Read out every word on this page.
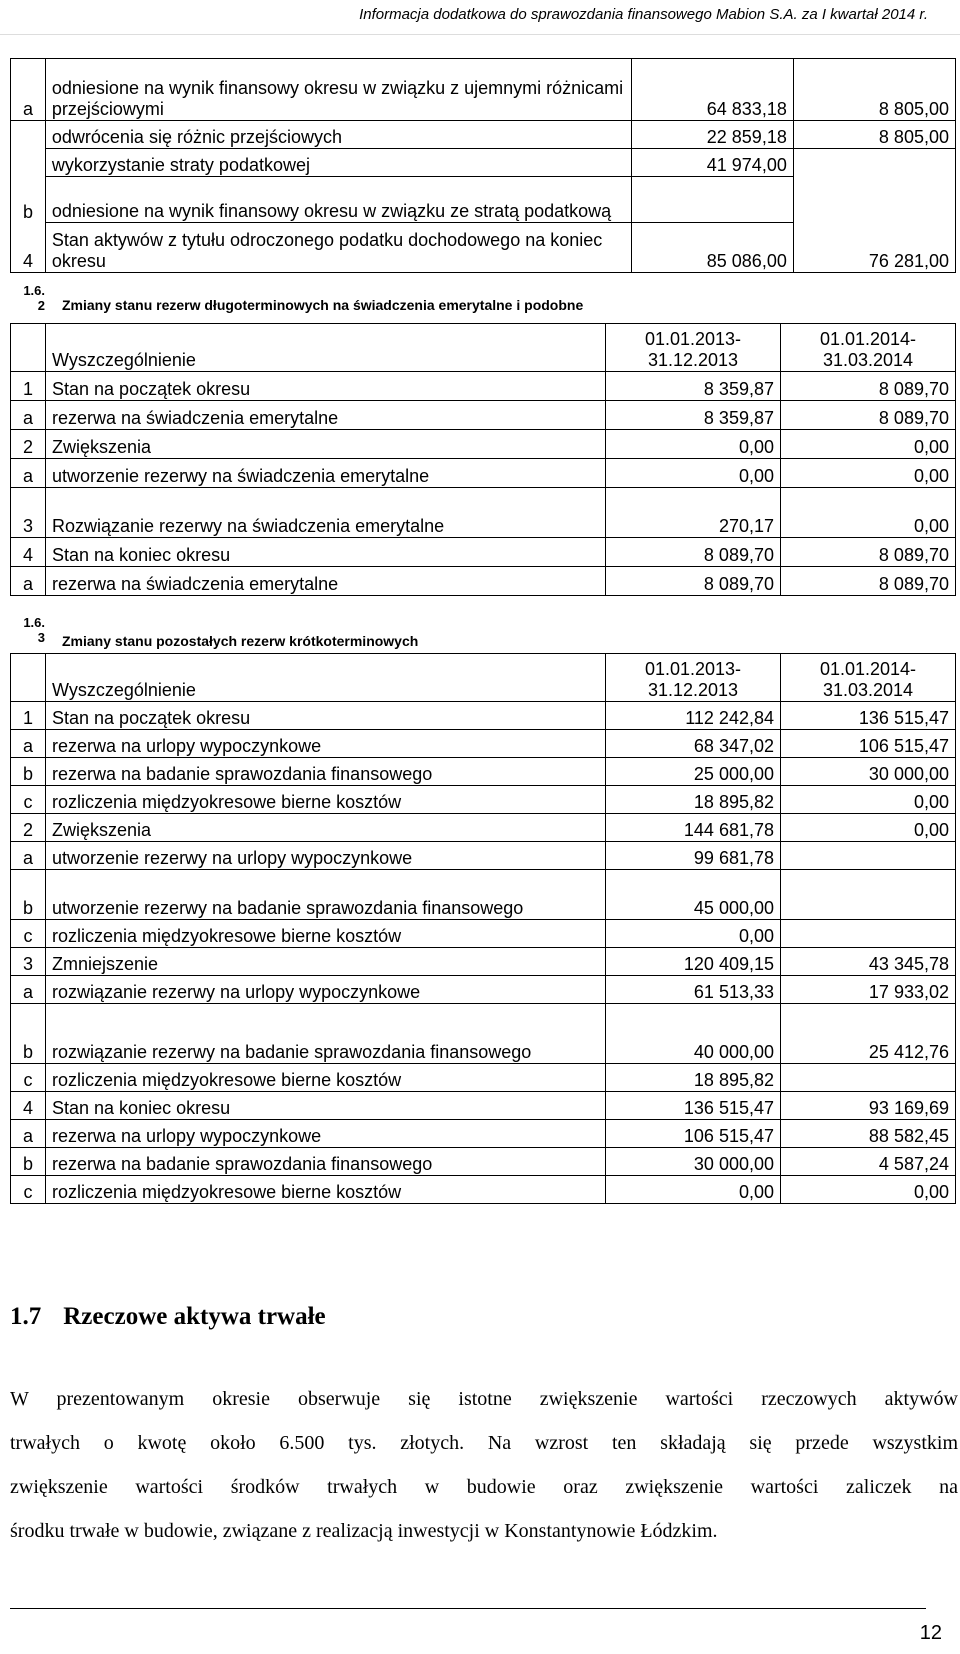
Informacja dodatkowa do sprawozdania finansowego Mabion S.A. za I kwartał 2014 r.
a	odniesione na wynik finansowy okresu w związku z ujemnymi różnicami przejściowymi	64 833,18	8 805,00
	odwrócenia się różnic przejściowych	22 859,18	8 805,00
	wykorzystanie straty podatkowej	41 974,00	
b	odniesione na wynik finansowy okresu w związku ze stratą podatkową		
4	Stan aktywów z tytułu odroczonego podatku dochodowego na koniec okresu	85 086,00	76 281,00
1.6.
2 Zmiany stanu rezerw długoterminowych na świadczenia emerytalne i podobne
	Wyszczególnienie	01.01.2013-31.12.2013	01.01.2014-31.03.2014
1	Stan na początek okresu	8 359,87	8 089,70
a	rezerwa na świadczenia emerytalne	8 359,87	8 089,70
2	Zwiększenia	0,00	0,00
a	utworzenie rezerwy na świadczenia emerytalne	0,00	0,00
3	Rozwiązanie rezerwy na świadczenia emerytalne	270,17	0,00
4	Stan na koniec okresu	8 089,70	8 089,70
a	rezerwa na świadczenia emerytalne	8 089,70	8 089,70
1.6.
3 Zmiany stanu pozostałych rezerw krótkoterminowych
	Wyszczególnienie	01.01.2013-31.12.2013	01.01.2014-31.03.2014
1	Stan na początek okresu	112 242,84	136 515,47
a	rezerwa na urlopy wypoczynkowe	68 347,02	106 515,47
b	rezerwa na badanie sprawozdania finansowego	25 000,00	30 000,00
c	rozliczenia międzyokresowe bierne kosztów	18 895,82	0,00
2	Zwiększenia	144 681,78	0,00
a	utworzenie rezerwy na urlopy wypoczynkowe	99 681,78	
b	utworzenie rezerwy na badanie sprawozdania finansowego	45 000,00	
c	rozliczenia międzyokresowe bierne kosztów	0,00	
3	Zmniejszenie	120 409,15	43 345,78
a	rozwiązanie rezerwy na urlopy wypoczynkowe	61 513,33	17 933,02
b	rozwiązanie rezerwy na badanie sprawozdania finansowego	40 000,00	25 412,76
c	rozliczenia międzyokresowe bierne kosztów	18 895,82	
4	Stan na koniec okresu	136 515,47	93 169,69
a	rezerwa na urlopy wypoczynkowe	106 515,47	88 582,45
b	rezerwa na badanie sprawozdania finansowego	30 000,00	4 587,24
c	rozliczenia międzyokresowe bierne kosztów	0,00	0,00
1.7 Rzeczowe aktywa trwałe
W prezentowanym okresie obserwuje się istotne zwiększenie wartości rzeczowych aktywów
trwałych o kwotę około 6.500 tys. złotych. Na wzrost ten składają się przede wszystkim
zwiększenie wartości środków trwałych w budowie oraz zwiększenie wartości zaliczek na
środku trwałe w budowie, związane z realizacją inwestycji w Konstantynowie Łódzkim.
12
